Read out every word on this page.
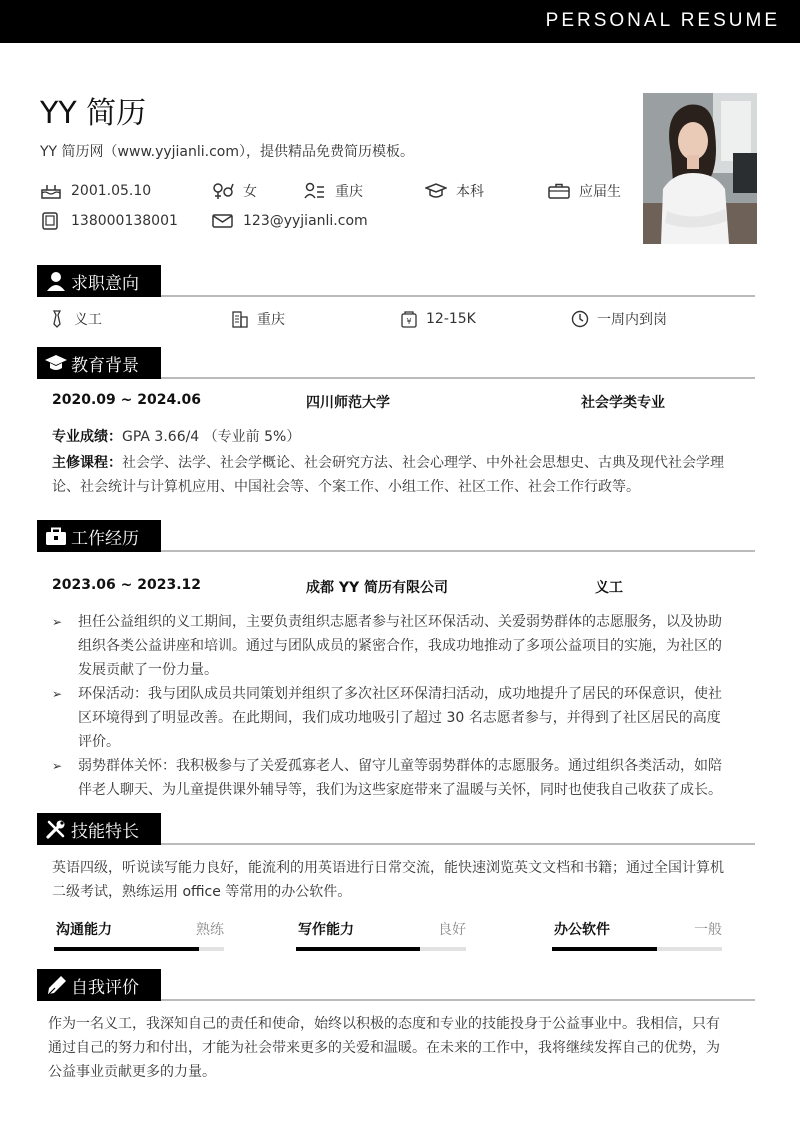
PERSONAL RESUME
YY 简历
YY 简历网（www.yyjianli.com），提供精品免费简历模板。
2001.05.10	女	重庆	本科	应届生
138000138001	123@yyjianli.com
求职意向
义工	重庆	¥ 12-15K	一周内到岗
教育背景
2020.09 ~ 2024.06	四川师范大学	社会学类专业
专业成绩：GPA 3.66/4 （专业前 5%）
主修课程：社会学、法学、社会学概论、社会研究方法、社会心理学、中外社会思想史、古典及现代社会学理
论、社会统计与计算机应用、中国社会等、个案工作、小组工作、社区工作、社会工作行政等。
工作经历
2023.06 ~ 2023.12	成都 YY 简历有限公司	义工
➢ 担任公益组织的义工期间，主要负责组织志愿者参与社区环保活动、关爱弱势群体的志愿服务，以及协助
组织各类公益讲座和培训。通过与团队成员的紧密合作，我成功地推动了多项公益项目的实施，为社区的
发展贡献了一份力量。
➢ 环保活动：我与团队成员共同策划并组织了多次社区环保清扫活动，成功地提升了居民的环保意识，使社
区环境得到了明显改善。在此期间，我们成功地吸引了超过 30 名志愿者参与，并得到了社区居民的高度
评价。
➢ 弱势群体关怀：我积极参与了关爱孤寡老人、留守儿童等弱势群体的志愿服务。通过组织各类活动，如陪
伴老人聊天、为儿童提供课外辅导等，我们为这些家庭带来了温暖与关怀，同时也使我自己收获了成长。
技能特长
英语四级，听说读写能力良好，能流利的用英语进行日常交流，能快速浏览英文文档和书籍；通过全国计算机
二级考试，熟练运用 office 等常用的办公软件。
沟通能力	熟练	写作能力	良好	办公软件	一般
自我评价
作为一名义工，我深知自己的责任和使命，始终以积极的态度和专业的技能投身于公益事业中。我相信，只有
通过自己的努力和付出，才能为社会带来更多的关爱和温暖。在未来的工作中，我将继续发挥自己的优势，为
公益事业贡献更多的力量。
